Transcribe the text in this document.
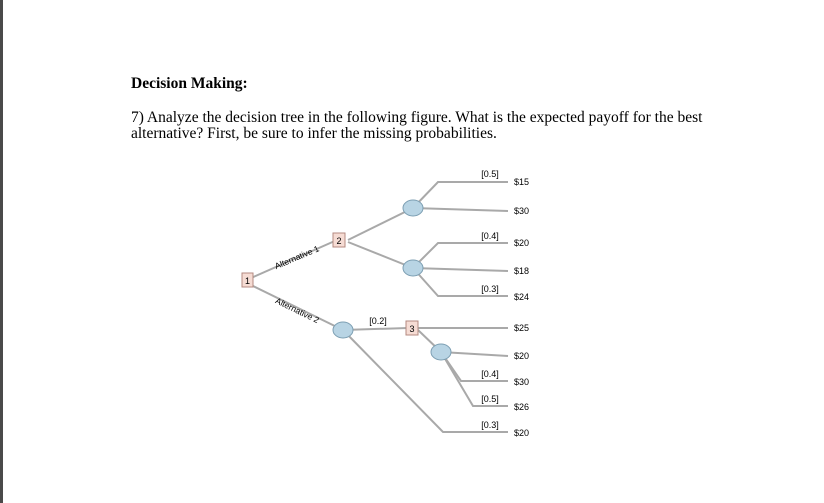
Decision Making:
7) Analyze the decision tree in the following figure. What is the expected payoff for the best
alternative? First, be sure to infer the missing probabilities.
1
2
3
Alternative 1
Alternative 2
[0.5]
[0.4]
[0.3]
[0.2]
[0.4]
[0.5]
[0.3]
$15
$30
$20
$18
$24
$25
$20
$30
$26
$20
